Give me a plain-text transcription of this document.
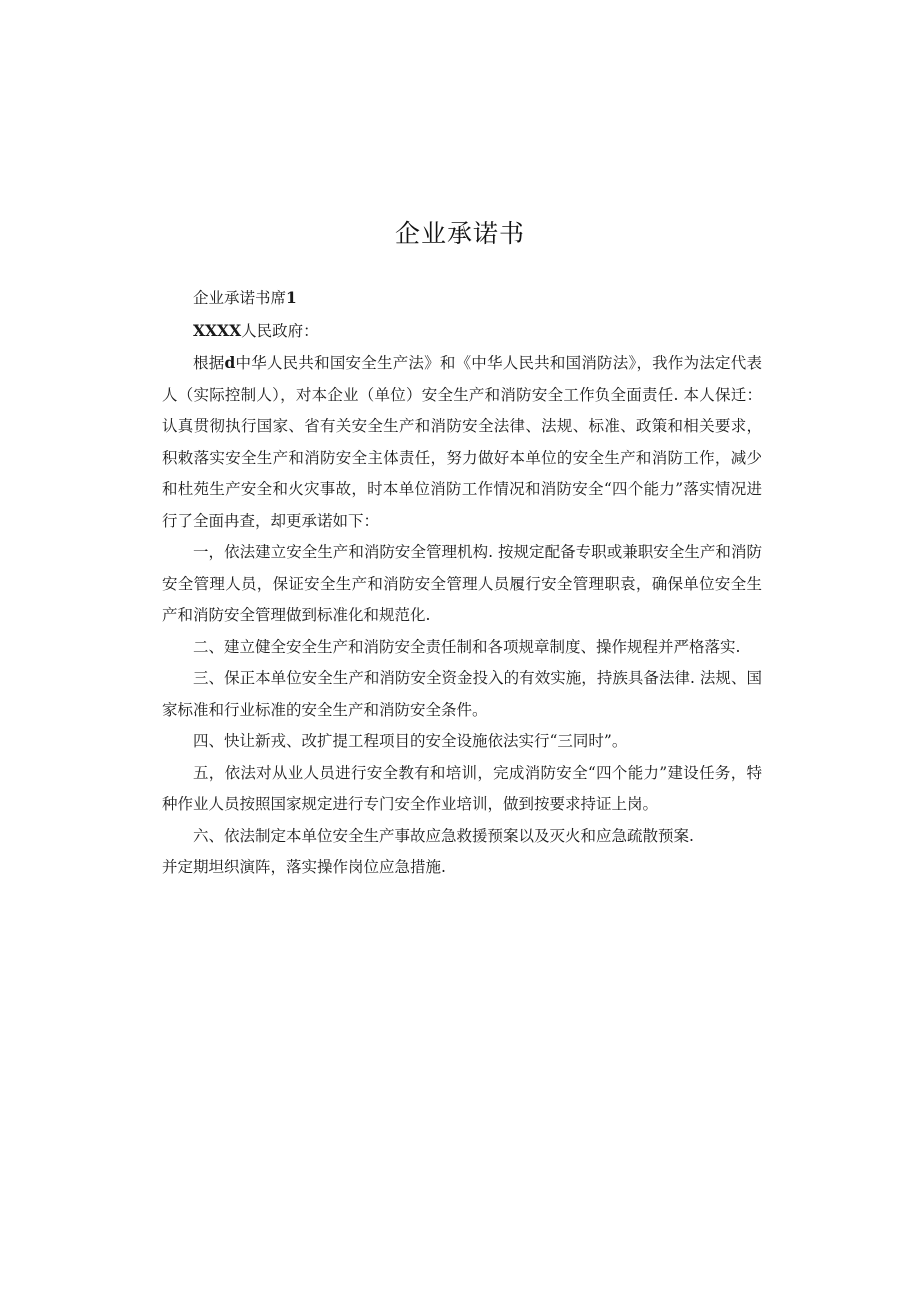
企业承诺书

企业承诺书席1

XXXX人民政府：

根据d中华人民共和国安全生产法》和《中华人民共和国消防法》，我作为法定代表人（实际控制人），对本企业（单位）安全生产和消防安全工作负全面责任. 本人保迁：认真贯彻执行国家、省有关安全生产和消防安全法律、法规、标准、政策和相关要求，积敕落实安全生产和消防安全主体责任，努力做好本单位的安全生产和消防工作，减少和杜苑生产安全和火灾事故，时本单位消防工作情况和消防安全“四个能力”落实情况进行了全面冉查，却更承诺如下：

一，依法建立安全生产和消防安全管理机构. 按规定配备专职或兼职安全生产和消防安全管理人员，保证安全生产和消防安全管理人员履行安全管理职袁，确保单位安全生产和消防安全管理做到标准化和规范化.

二、建立健全安全生产和消防安全责任制和各项规章制度、操作规程并严格落实.

三、保正本单位安全生产和消防安全资金投入的有效实施，持族具备法律. 法规、国家标准和行业标准的安全生产和消防安全条件。

四、快让新戎、改扩提工程项目的安全设施依法实行“三同时”。

五，依法对从业人员进行安全教有和培训，完成消防安全“四个能力”建设任务，特种作业人员按照国家规定进行专门安全作业培训，做到按要求持证上岗。

六、依法制定本单位安全生产事故应急救援预案以及灭火和应急疏散预案.

并定期坦织演阵，落实操作岗位应急措施.
